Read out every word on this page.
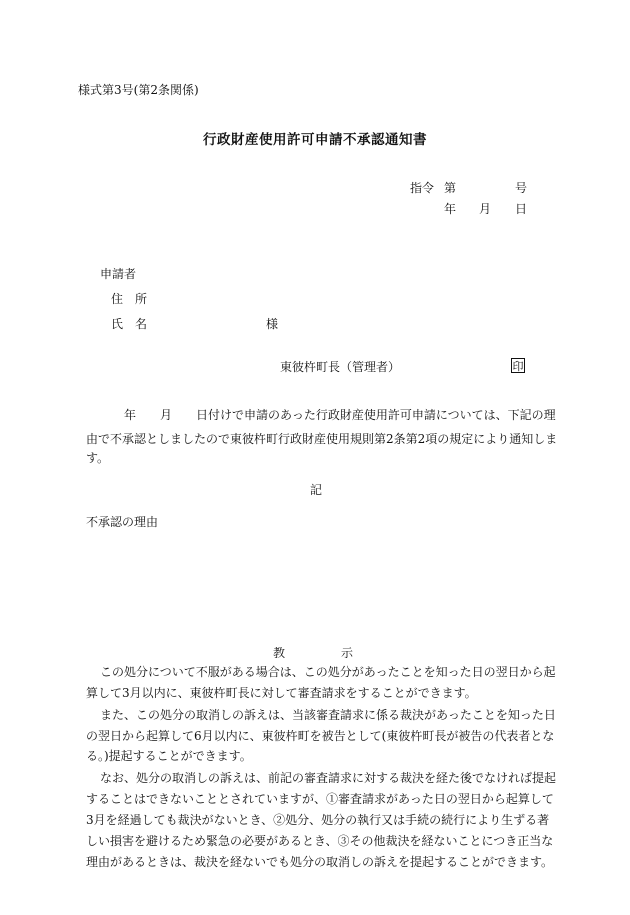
様式第3号(第2条関係)
行政財産使用許可申請不承認通知書
指令 第	号
年 月 日
申請者
住　所
氏　名	様
東彼杵町長（管理者）	印
年 月 日付けで申請のあった行政財産使用許可申請については、下記の理
由で不承認としましたので東彼杵町行政財産使用規則第2条第2項の規定により通知しま
す。
記
不承認の理由
教	示
この処分について不服がある場合は、この処分があったことを知った日の翌日から起
算して3月以内に、東彼杵町長に対して審査請求をすることができます。
また、この処分の取消しの訴えは、当該審査請求に係る裁決があったことを知った日
の翌日から起算して6月以内に、東彼杵町を被告として(東彼杵町長が被告の代表者とな
る。)提起することができます。
なお、処分の取消しの訴えは、前記の審査請求に対する裁決を経た後でなければ提起
することはできないこととされていますが、①審査請求があった日の翌日から起算して
3月を経過しても裁決がないとき、②処分、処分の執行又は手続の続行により生ずる著
しい損害を避けるため緊急の必要があるとき、③その他裁決を経ないことにつき正当な
理由があるときは、裁決を経ないでも処分の取消しの訴えを提起することができます。
